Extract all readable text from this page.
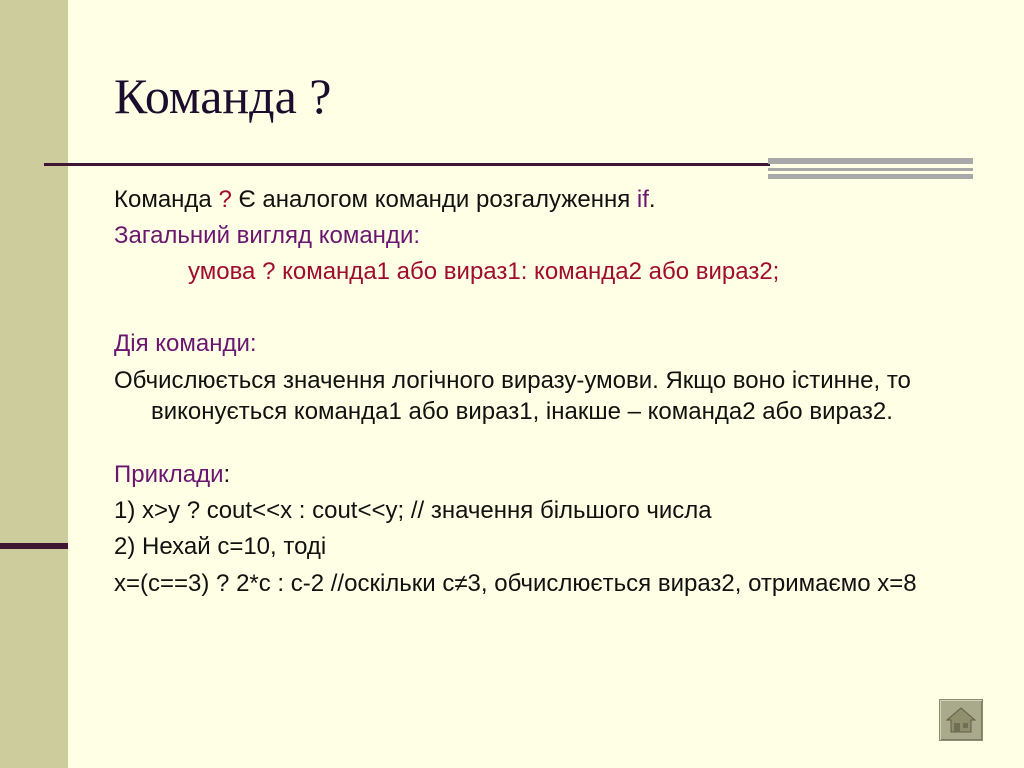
Команда ?
Команда ? Є аналогом команди розгалуження if.
Загальний вигляд команди:
умова ? команда1 або вираз1: команда2 або вираз2;
Дія команди:
Обчислюється значення логічного виразу-умови. Якщо воно істинне, то виконується команда1 або вираз1, інакше – команда2 або вираз2.
Приклади:
1) x>y ? cout<<x : cout<<y; // значення більшого числа
2) Нехай c=10, тоді
x=(c==3) ? 2*c : c-2 //оскільки c≠3, обчислюється вираз2, отримаємо x=8
